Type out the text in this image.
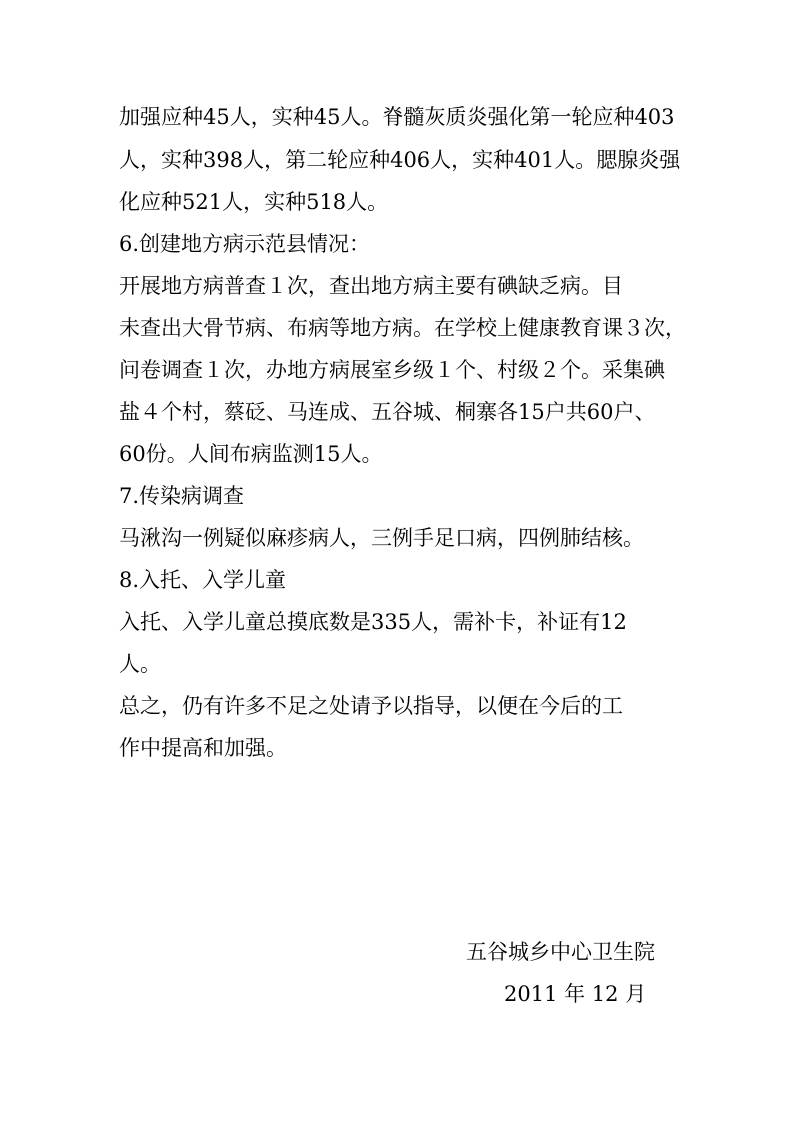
加强应种45人，实种45人。脊髓灰质炎强化第一轮应种403
人，实种398人，第二轮应种406人，实种401人。腮腺炎强
化应种521人，实种518人。
6.创建地方病示范县情况：
开展地方病普查１次，查出地方病主要有碘缺乏病。目
未查出大骨节病、布病等地方病。在学校上健康教育课３次，
问卷调查１次，办地方病展室乡级１个、村级２个。采集碘
盐４个村，蔡砭、马连成、五谷城、桐寨各15户共60户、
60份。人间布病监测15人。
7.传染病调查
马湫沟一例疑似麻疹病人，三例手足口病，四例肺结核。
8.入托、入学儿童
入托、入学儿童总摸底数是335人，需补卡，补证有12
人。
总之，仍有许多不足之处请予以指导，以便在今后的工
作中提高和加强。
五谷城乡中心卫生院
2011 年 12 月
